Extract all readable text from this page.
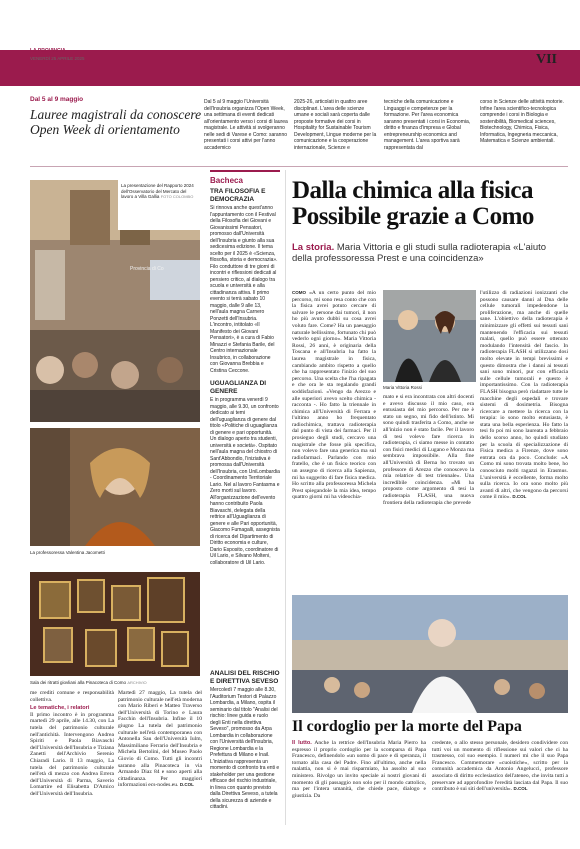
LA PROVINCIA
VENERDÌ 25 APRILE 2025	VII
Dal 5 al 9 maggio
Lauree magistrali da conoscere Open Week di orientamento
Dal 5 al 9 maggio l'Università dell'Insubria organizza l'Open Week, una settimana di eventi dedicati all'orientamento verso i corsi di laurea magistrale. Le attività si svolgeranno nelle sedi di Varese e Como: saranno presentati i corsi attivi per l'anno accademico
2025-26, articolati in quattro aree disciplinari. L'area delle scienze umane e sociali sarà coperta dalle proposte formative dei corsi in Hospitality for Sustainable Tourism Development, Lingue moderne per la comunicazione e la cooperazione internazionale, Scienze e
tecniche della comunicazione e Linguaggi e competenze per la formazione. Per l'area economica saranno presentati i corsi in Economia, diritto e finanza d'impresa e Global entrepreneurship economics and management. L'area sportiva sarà rappresentata dal
corso in Scienze delle attività motorie. Infine l'area scientifico-tecnologica comprende i corsi in Biologia e sostenibilità, Biomedical sciences, Biotechnology, Chimica, Fisica, Informatica, Ingegneria meccanica, Matematica e Scienze ambientali.
La presentazione del Rapporto 2024 dell'Osservatorio del Mercato del lavoro a Villa Gallia FOTO COLOMBO
Provincia di Co
La professoressa Valentina Jacometti
Sala dei ritratti giovliani alla Pinacoteca di Como ARCHIVIO
me crediti comune e responsabilità collettiva.
Le tematiche, i relatori
Il primo incontro è in programma martedì 29 aprile, alle 14.30, con La tutela del patrimonio culturale nell'antichità. Intervengono Andrea Spiriti e Paola Biavaschi dell'Università dell'Insubria e Tiziana Zanetti dell'Archivio Serenio Chiaradi Lario. Il 13 maggio, La tutela del patrimonio culturale nell'età di mezzo con Andrea Errera dell'Università di Parma, Saverio Lomartire ed Elisabetta D'Amico dell'Università dell'Insubria.
Martedì 27 maggio, La tutela del patrimonio culturale nell'età moderna con Mario Riberi e Matteo Traverso dell'Università di Torino e Laura Facchin dell'Insubria. Infine il 10 giugno La tutela del patrimonio culturale nell'età contemporanea con Antonella Sau dell'Università Iulm, Massimiliano Ferrario dell'Insubria e Michela Bertolini, del Museo Paolo Giovio di Como. Tutti gli incontri saranno alla Pinacoteca in via Armando Diaz 84 e sono aperti alla cittadinanza. Per maggiori informazioni ecs-nodes.eu. D.COL
Bacheca
TRA FILOSOFIA E DEMOCRAZIA
Si rinnova anche quest'anno l'appuntamento con il Festival della Filosofia dei Giovani e Giovanissimi Pensatori, promosso dall'Università dell'Insubria e giunto alla sua sedicesima edizione. Il tema scelto per il 2025 è «Scienza, filosofia, storia e democrazia». Filo conduttore di tre giorni di incontri e riflessioni dedicati al pensiero critico, al dialogo tra scuola e università e alla cittadinanza attiva. Il primo evento si terrà sabato 10 maggio, dalle 9 alle 13, nell'aula magna Carnero Ponzetti dell'Insubria. L'incontro, intitolato «Il Manifesto dei Giovani Pensatori», è a cura di Fabio Minazzi e Stefania Barile, del Centro internazionale Insubrico, in collaborazione con Giovanna Brebbia e Cristina Ceccone.
UGUAGLIANZA DI GENERE
È in programma venerdì 9 maggio, alle 9.30, un confronto dedicato ai temi dell'uguaglianza di genere dal titolo «Politiche di uguaglianza di genere e pari opportunità. Un dialogo aperto tra studenti, università e società». Ospitato nell'aula magna del chiostro di Sant'Abbondio, l'iniziativa è promossa dall'Università dell'Insubria, con UniLombardia - Coordinamento Territoriale Lario. Nel al lavoro Fantasma e Zero morti sul lavoro. All'organizzazione dell'evento hanno contribuito Paola Biavaschi, delegata della rettrice all'Uguaglianza di genere e alle Pari opportunità, Giacomo Fumagalli, assegnista di ricerca del Dipartimento di Diritto economia e culture, Dario Esposito, coordinatore di Uil Lario, e Silvano Molteni, collaboratore di Uil Lario.
ANALISI DEL RISCHIO E DIRETTIVA SEVESO
Mercoledì 7 maggio alle 8.30, l'Auditorium Testori di Palazzo Lombardia, a Milano, ospita il seminario dal titolo "Analisi del rischio: linee guida e ruolo degli Enti nella direttiva Seveso", promosso da Arpa Lombardia in collaborazione con l'Università dell'Insubria, Regione Lombardia e la Prefettura di Milano e Inail. L'iniziativa rappresenta un momento di confronto tra enti e stakeholder per una gestione efficace del rischio industriale, in linea con quanto previsto dalla Direttiva Seveso, a tutela della sicurezza di aziende e cittadini.
Dalla chimica alla fisica Possibile grazie a Como
La storia. Maria Vittoria e gli studi sulla radioterapia «L'aiuto della professoressa Prest e una coincidenza»
COMO «A un certo punto del mio percorso, mi sono resa conto che con la fisica avrei potuto cercare di salvare le persone dai tumori, il non ho più avuto dubbi su cosa avrei voluto fare. Come? Ha un paesaggio naturale bellissimo, fortunato chi può vederlo ogni giorno». Maria Vittoria Rossi, 26 anni, è originaria della Toscana e all'Insubria ha fatto la laurea magistrale in fisica, cambiando ambito rispetto a quello che ha rappresentato l'inizio del suo percorso. Una scelta che l'ha ripagata e che ora le sta regalando grandi soddisfazioni. «Vengo da Arezzo e alle superiori avevo scelto chimica - racconta -. Ho fatto la triennale in chimica all'Università di Ferrara e l'ultimo anno ho frequentato radiochimica, trattava radioterapia dal punto di vista dei farmaci. Per il prosieguo degli studi, cercavo una magistrale che fosse più specifica, non volevo fare una generica ma sul radiofarmaci. Parlando con mio fratello, che è un fisico teorico con un assegno di ricerca alla Sapienza, mi ha suggerito di fare fisica medica. Ho scritto alla professoressa Michela Prest spiegandole la mia idea, tempo quattro giorni mi ha videochia-
Maria Vittoria Rossi
mato e si era incontrata con altri docenti e avevo discusso il mio caso, era entusiasta del mio percorso. Per me è stato un segno, mi fido dell'istinto. Mi sono quindi trasferita a Como, anche se all'inizio non è stato facile. Per il lavoro di tesi volevo fare ricerca in radioterapia, ci siamo messe in contatto con fisici medici di Lugano e Monza ma sembrava impossibile. Alla fine all'Università di Berna ho trovato un professore di Arezzo che conoscevo la mia relatrice di test triennale». Una incredibile coincidenza. «Mi ha proposto come argomento di tesi la radioterapia FLASH, una nuova frontiera della radioterapia che prevede
l'utilizzo di radiazioni ionizzanti che possono causare danni al Dna delle cellule tumorali impedendone la proliferazione, ma anche di quelle sane. L'obiettivo della radioterapia è minimizzare gli effetti sui tessuti sani mantenendo l'efficacia sui tessuti malati, quello può essere ottenuto modulando l'intensità del fascio. In radioterapia FLASH si utilizzano dosi molto elevate in tempi brevissimi e questo dimostra che i danni ai tessuti sani sono minori, pur con efficacia sulle cellule tumorali e questo è importantissimo. Con la radioterapia FLASH bisogna però riadattare tutte le macchine degli ospedali e trovare sistemi di dosimetria. Bisogna ricercare a mettere la ricerca con la terapia: io sono molto entusiasta, è stata una bella esperienza. Ho fatto la tesi fo poi mi sono laureata a febbraio dello scorso anno, ho quindi studiato per la scuola di specializzazione di Fisica medica a Firenze, dove sono entrata ora da poco. Conclude: «A Como mi sono trovata molto bene, ho conosciuto molti ragazzi in Erasmus. L'università è eccellente, forma molto sulla ricerca. Io ora sono molto più avanti di altri, che vengono da percorsi come il mio». D.COL
Il cordoglio per la morte del Papa
Il lutto. Anche la rettrice dell'Insubria Maria Pierro ha espresso il proprio cordoglio per la scomparsa di Papa Francesco, definendolo «un uomo di pace e di speranza, il tornato alla casa del Padre. Fino all'ultimo, anche nella malattia, non si è mai risparmiato, ha assolto al suo ministero. Rivolgo un invito speciale ai nostri giovani di momento di gli passaggio non solo per il mondo cattolico, ma per l'intera umanità, che chiede pace, dialogo e giustizia. Da
credente, o allo stesso personale, desidero condividere con tutti voi un momento di riflessione sui valori che ci ha trasmesso, col suo esempio. I numeri mi che il suo Papa Francesco. Commemorare «cuoistiche», scritto per la comunità accademica da Antonio Angelucci, professore associato di diritto ecclesiastico dell'ateneo, che invita tutti a preservare ad approfondire l'eredità lasciata dal Papa. Il suo contributo è sui siti dell'università». D.COL
